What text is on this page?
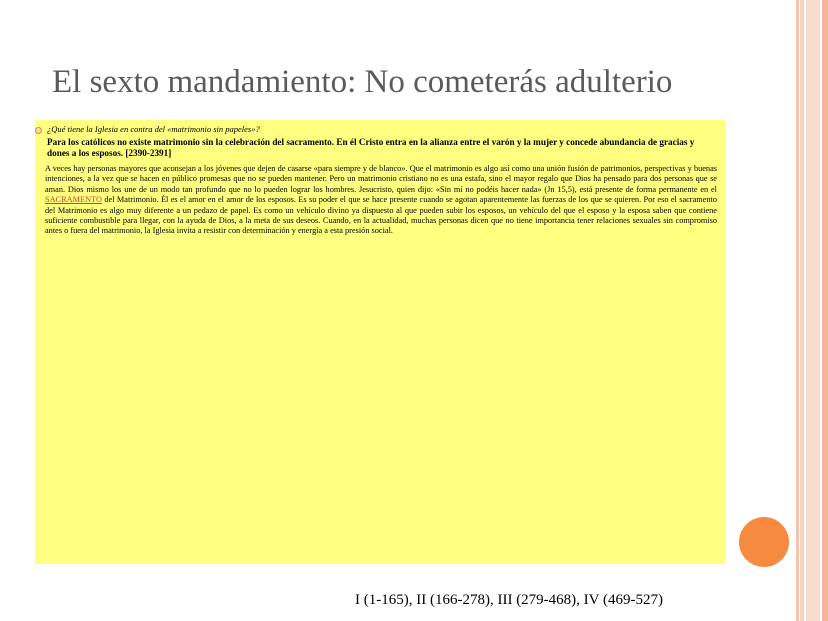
El sexto mandamiento: No cometerás adulterio
¿Qué tiene la Iglesia en contra del «matrimonio sin papeles»?
Para los católicos no existe matrimonio sin la celebración del sacramento. En él Cristo entra en la alianza entre el varón y la mujer y concede abundancia de gracias y dones a los esposos. [2390-2391]
A veces hay personas mayores que aconsejan a los jóvenes que dejen de casarse «para siempre y de blanco». Que el matrimonio es algo así como una unión fusión de patrimonios, perspectivas y buenas intenciones, a la vez que se hacen en público promesas que no se pueden mantener. Pero un matrimonio cristiano no es una estafa, sino el mayor regalo que Dios ha pensado para dos personas que se aman. Dios mismo los une de un modo tan profundo que no lo pueden lograr los hombres. Jesucristo, quien dijo: «Sin mí no podéis hacer nada» (Jn 15,5), está presente de forma permanente en el SACRAMENTO del Matrimonio. Él es el amor en el amor de los esposos. Es su poder el que se hace presente cuando se agotan aparentemente las fuerzas de los que se quieren. Por eso el sacramento del Matrimonio es algo muy diferente a un pedazo de papel. Es como un vehículo divino ya dispuesto al que pueden subir los esposos, un vehículo del que el esposo y la esposa saben que contiene suficiente combustible para llegar, con la ayuda de Dios, a la meta de sus deseos. Cuando, en la actualidad, muchas personas dicen que no tiene importancia tener relaciones sexuales sin compromiso antes o fuera del matrimonio, la Iglesia invita a resistir con determinación y energía a esta presión social.
I (1-165), II (166-278), III (279-468), IV (469-527)
